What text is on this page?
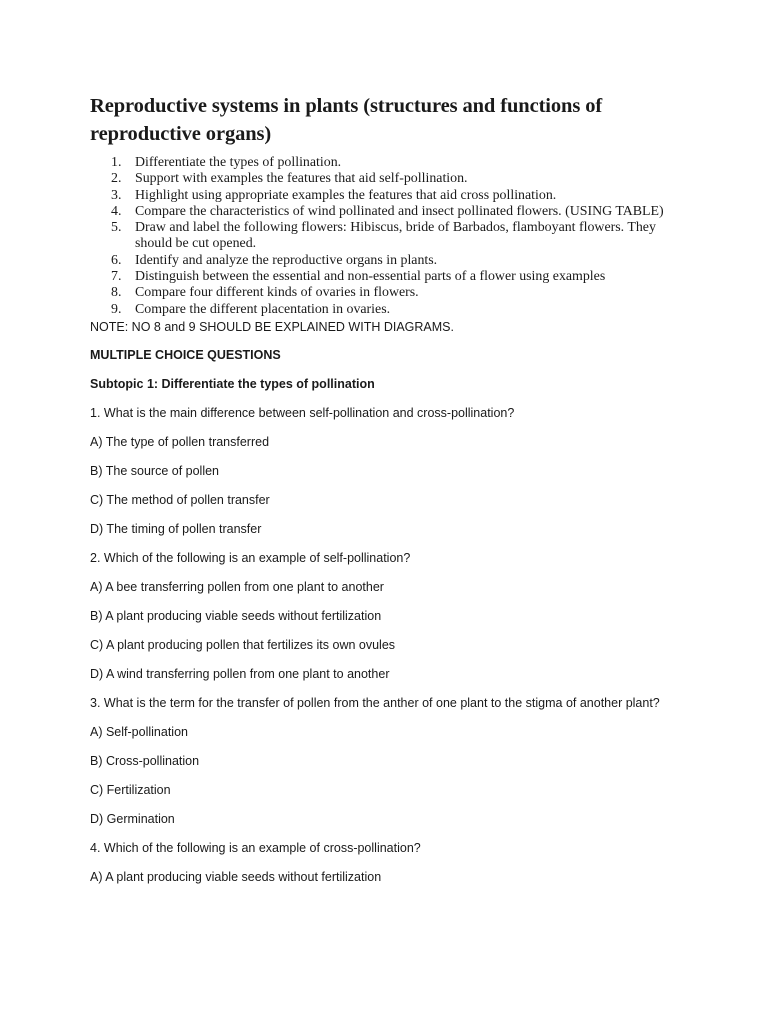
Reproductive systems in plants (structures and functions of reproductive organs)
1. Differentiate the types of pollination.
2. Support with examples the features that aid self-pollination.
3. Highlight using appropriate examples the features that aid cross pollination.
4. Compare the characteristics of wind pollinated and insect pollinated flowers. (USING TABLE)
5. Draw and label the following flowers: Hibiscus, bride of Barbados, flamboyant flowers. They should be cut opened.
6. Identify and analyze the reproductive organs in plants.
7. Distinguish between the essential and non-essential parts of a flower using examples
8. Compare four different kinds of ovaries in flowers.
9. Compare the different placentation in ovaries.

NOTE: NO 8 and 9 SHOULD BE EXPLAINED WITH DIAGRAMS.

MULTIPLE CHOICE QUESTIONS

Subtopic 1: Differentiate the types of pollination

1. What is the main difference between self-pollination and cross-pollination?

A) The type of pollen transferred

B) The source of pollen

C) The method of pollen transfer

D) The timing of pollen transfer

2. Which of the following is an example of self-pollination?

A) A bee transferring pollen from one plant to another

B) A plant producing viable seeds without fertilization

C) A plant producing pollen that fertilizes its own ovules

D) A wind transferring pollen from one plant to another

3. What is the term for the transfer of pollen from the anther of one plant to the stigma of another plant?

A) Self-pollination

B) Cross-pollination

C) Fertilization

D) Germination

4. Which of the following is an example of cross-pollination?

A) A plant producing viable seeds without fertilization
